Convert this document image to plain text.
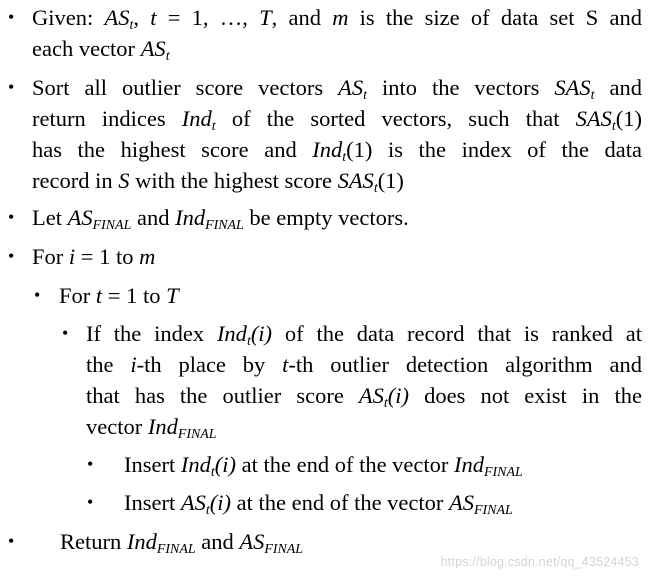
• Given: $AS_t$, t = 1, …, T, and m is the size of data set S and
each vector $AS_t$
• Sort all outlier score vectors $AS_t$ into the vectors $SAS_t$ and
return indices Ind$_t$ of the sorted vectors, such that $SAS_t(1)$
has the highest score and Ind$_t$(1) is the index of the data
record in S with the highest score $SAS_t(1)$
• Let $AS_{FINAL}$ and Ind$_{FINAL}$ be empty vectors.
• For i = 1 to m
• For t = 1 to T
• If the index Ind$_t$(i) of the data record that is ranked at
the i-th place by t-th outlier detection algorithm and
that has the outlier score $AS_t(i)$ does not exist in the
vector Ind$_{FINAL}$
• Insert Ind$_t$(i) at the end of the vector Ind$_{FINAL}$
• Insert $AS_t(i)$ at the end of the vector $AS_{FINAL}$
• Return Ind$_{FINAL}$ and $AS_{FINAL}$
https://blog.csdn.net/qq_43524453
